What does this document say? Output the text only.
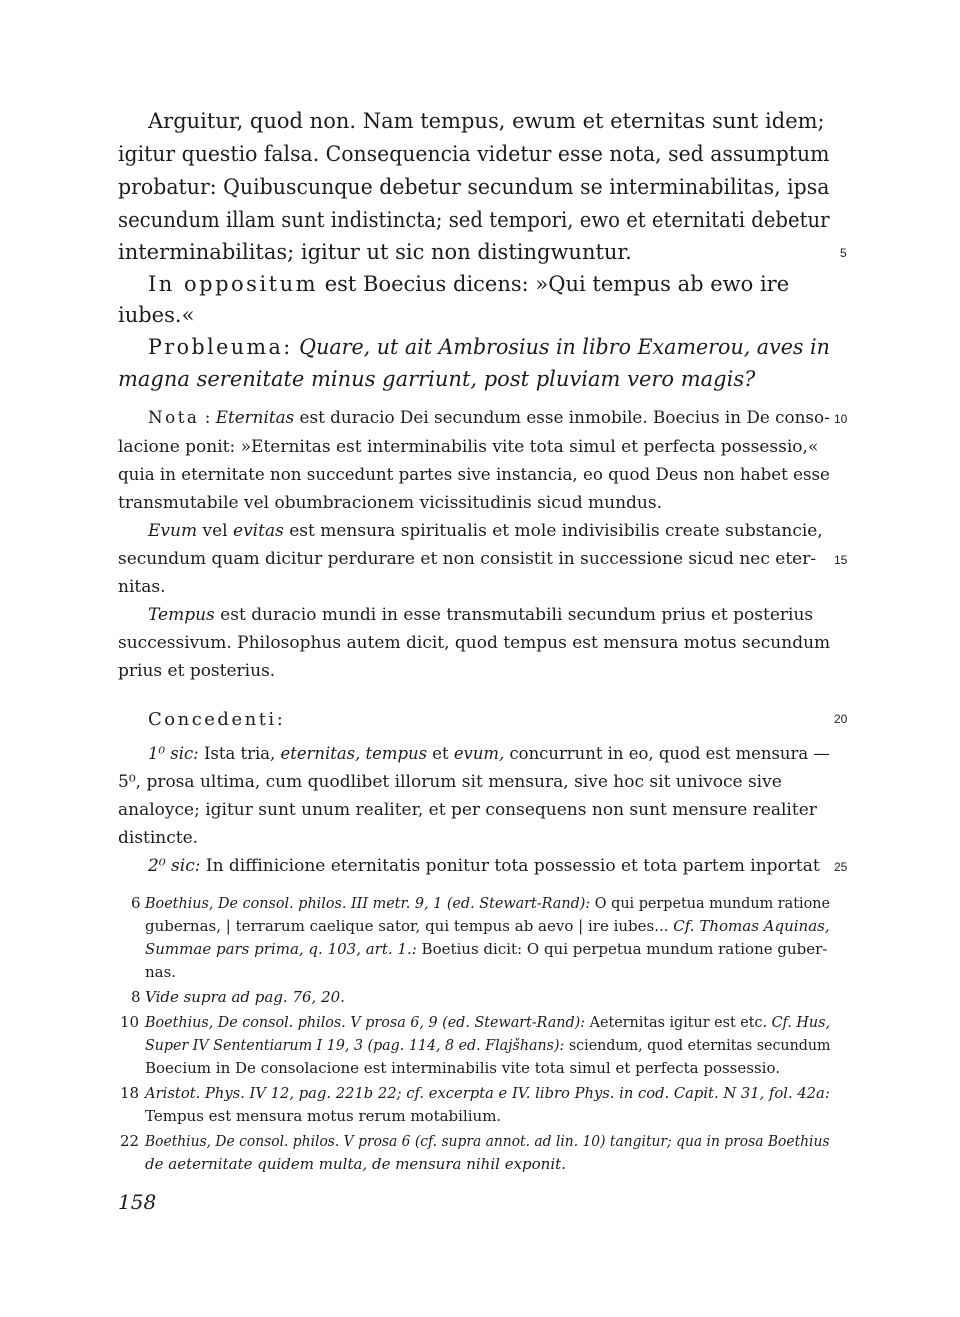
Arguitur, quod non. Nam tempus, ewum et eternitas sunt idem;
igitur questio falsa. Consequencia videtur esse nota, sed assumptum
probatur: Quibuscunque debetur secundum se interminabilitas, ipsa
secundum illam sunt indistincta; sed tempori, ewo et eternitati debetur
interminabilitas; igitur ut sic non distingwuntur.
In oppositum est Boecius dicens: »Qui tempus ab ewo ire
iubes.«
Probleuma: Quare, ut ait Ambrosius in libro Examerou, aves in
magna serenitate minus garriunt, post pluviam vero magis?
Nota : Eternitas est duracio Dei secundum esse inmobile. Boecius in De conso-
lacione ponit: »Eternitas est interminabilis vite tota simul et perfecta possessio,«
quia in eternitate non succedunt partes sive instancia, eo quod Deus non habet esse
transmutabile vel obumbracionem vicissitudinis sicud mundus.
Evum vel evitas est mensura spiritualis et mole indivisibilis create substancie,
secundum quam dicitur perdurare et non consistit in successione sicud nec eter-
nitas.
Tempus est duracio mundi in esse transmutabili secundum prius et posterius
successivum. Philosophus autem dicit, quod tempus est mensura motus secundum
prius et posterius.
Concedenti:
1⁰ sic: Ista tria, eternitas, tempus et evum, concurrunt in eo, quod est mensura —
5⁰, prosa ultima, cum quodlibet illorum sit mensura, sive hoc sit univoce sive
analoyce; igitur sunt unum realiter, et per consequens non sunt mensure realiter
distincte.
2⁰ sic: In diffinicione eternitatis ponitur tota possessio et tota partem inportat
5
10
15
20
25
6 Boethius, De consol. philos. III metr. 9, 1 (ed. Stewart-Rand): O qui perpetua mundum ratione
gubernas, | terrarum caelique sator, qui tempus ab aevo | ire iubes... Cf. Thomas Aquinas,
Summae pars prima, q. 103, art. 1.: Boetius dicit: O qui perpetua mundum ratione guber-
nas.
8 Vide supra ad pag. 76, 20.
10 Boethius, De consol. philos. V prosa 6, 9 (ed. Stewart-Rand): Aeternitas igitur est etc. Cf. Hus,
Super IV Sententiarum I 19, 3 (pag. 114, 8 ed. Flajšhans): sciendum, quod eternitas secundum
Boecium in De consolacione est interminabilis vite tota simul et perfecta possessio.
18 Aristot. Phys. IV 12, pag. 221b 22; cf. excerpta e IV. libro Phys. in cod. Capit. N 31, fol. 42a:
Tempus est mensura motus rerum motabilium.
22 Boethius, De consol. philos. V prosa 6 (cf. supra annot. ad lin. 10) tangitur; qua in prosa Boethius
de aeternitate quidem multa, de mensura nihil exponit.
158
